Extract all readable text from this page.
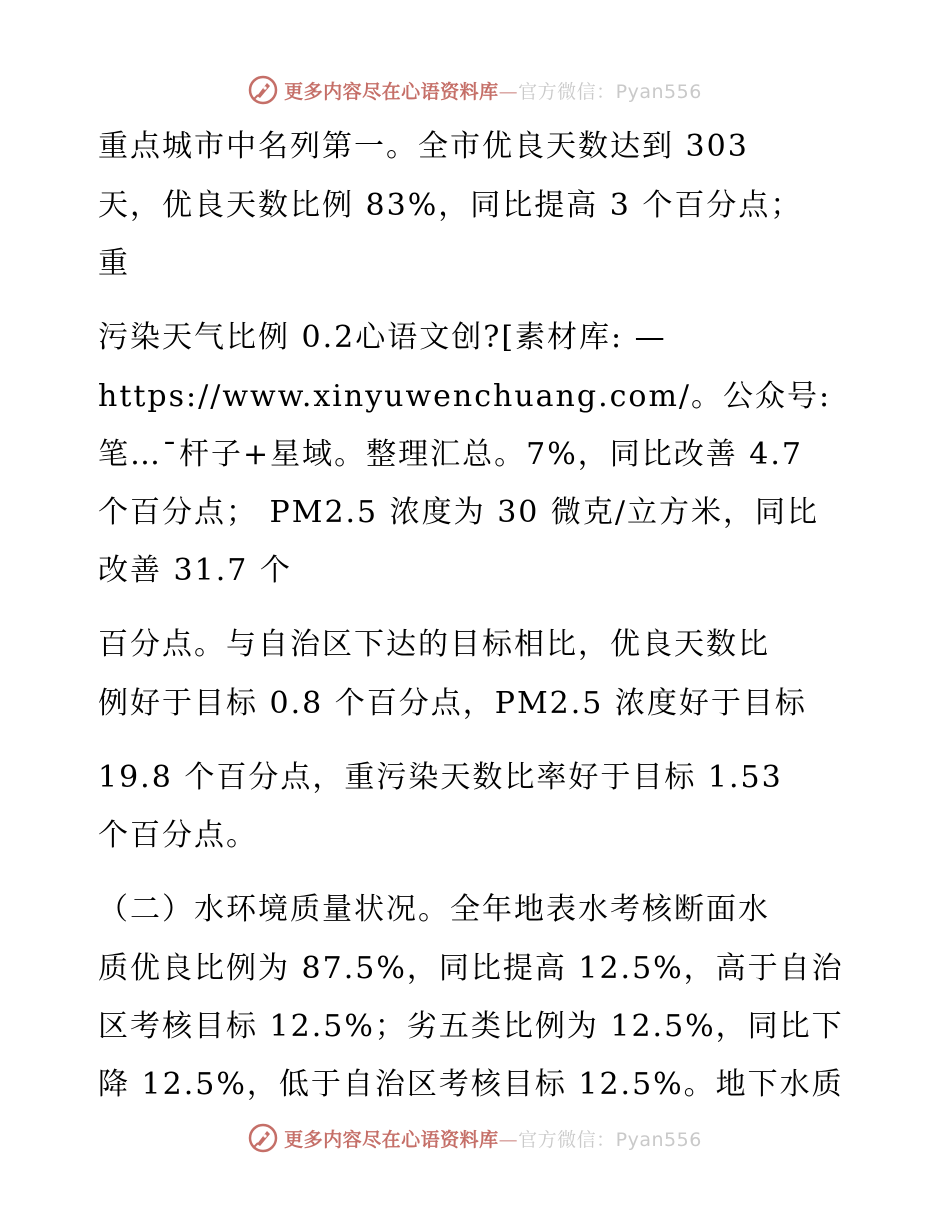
更多内容尽在心语资料库—官方微信：Pyan556
重点城市中名列第一。全市优良天数达到 303
天，优良天数比例 83%，同比提高 3 个百分点；
重
污染天气比例 0.2心语文创?[素材库: —
https://www.xinyuwenchuang.com/。公众号:
笔…¯杆子+星域。整理汇总。7%，同比改善 4.7
个百分点； PM2.5 浓度为 30 微克/立方米，同比
改善 31.7 个
百分点。与自治区下达的目标相比，优良天数比
例好于目标 0.8 个百分点，PM2.5 浓度好于目标
19.8 个百分点，重污染天数比率好于目标 1.53
个百分点。
（二）水环境质量状况。全年地表水考核断面水
质优良比例为 87.5%，同比提高 12.5%，高于自治
区考核目标 12.5%；劣五类比例为 12.5%，同比下
降 12.5%，低于自治区考核目标 12.5%。地下水质
更多内容尽在心语资料库—官方微信：Pyan556
